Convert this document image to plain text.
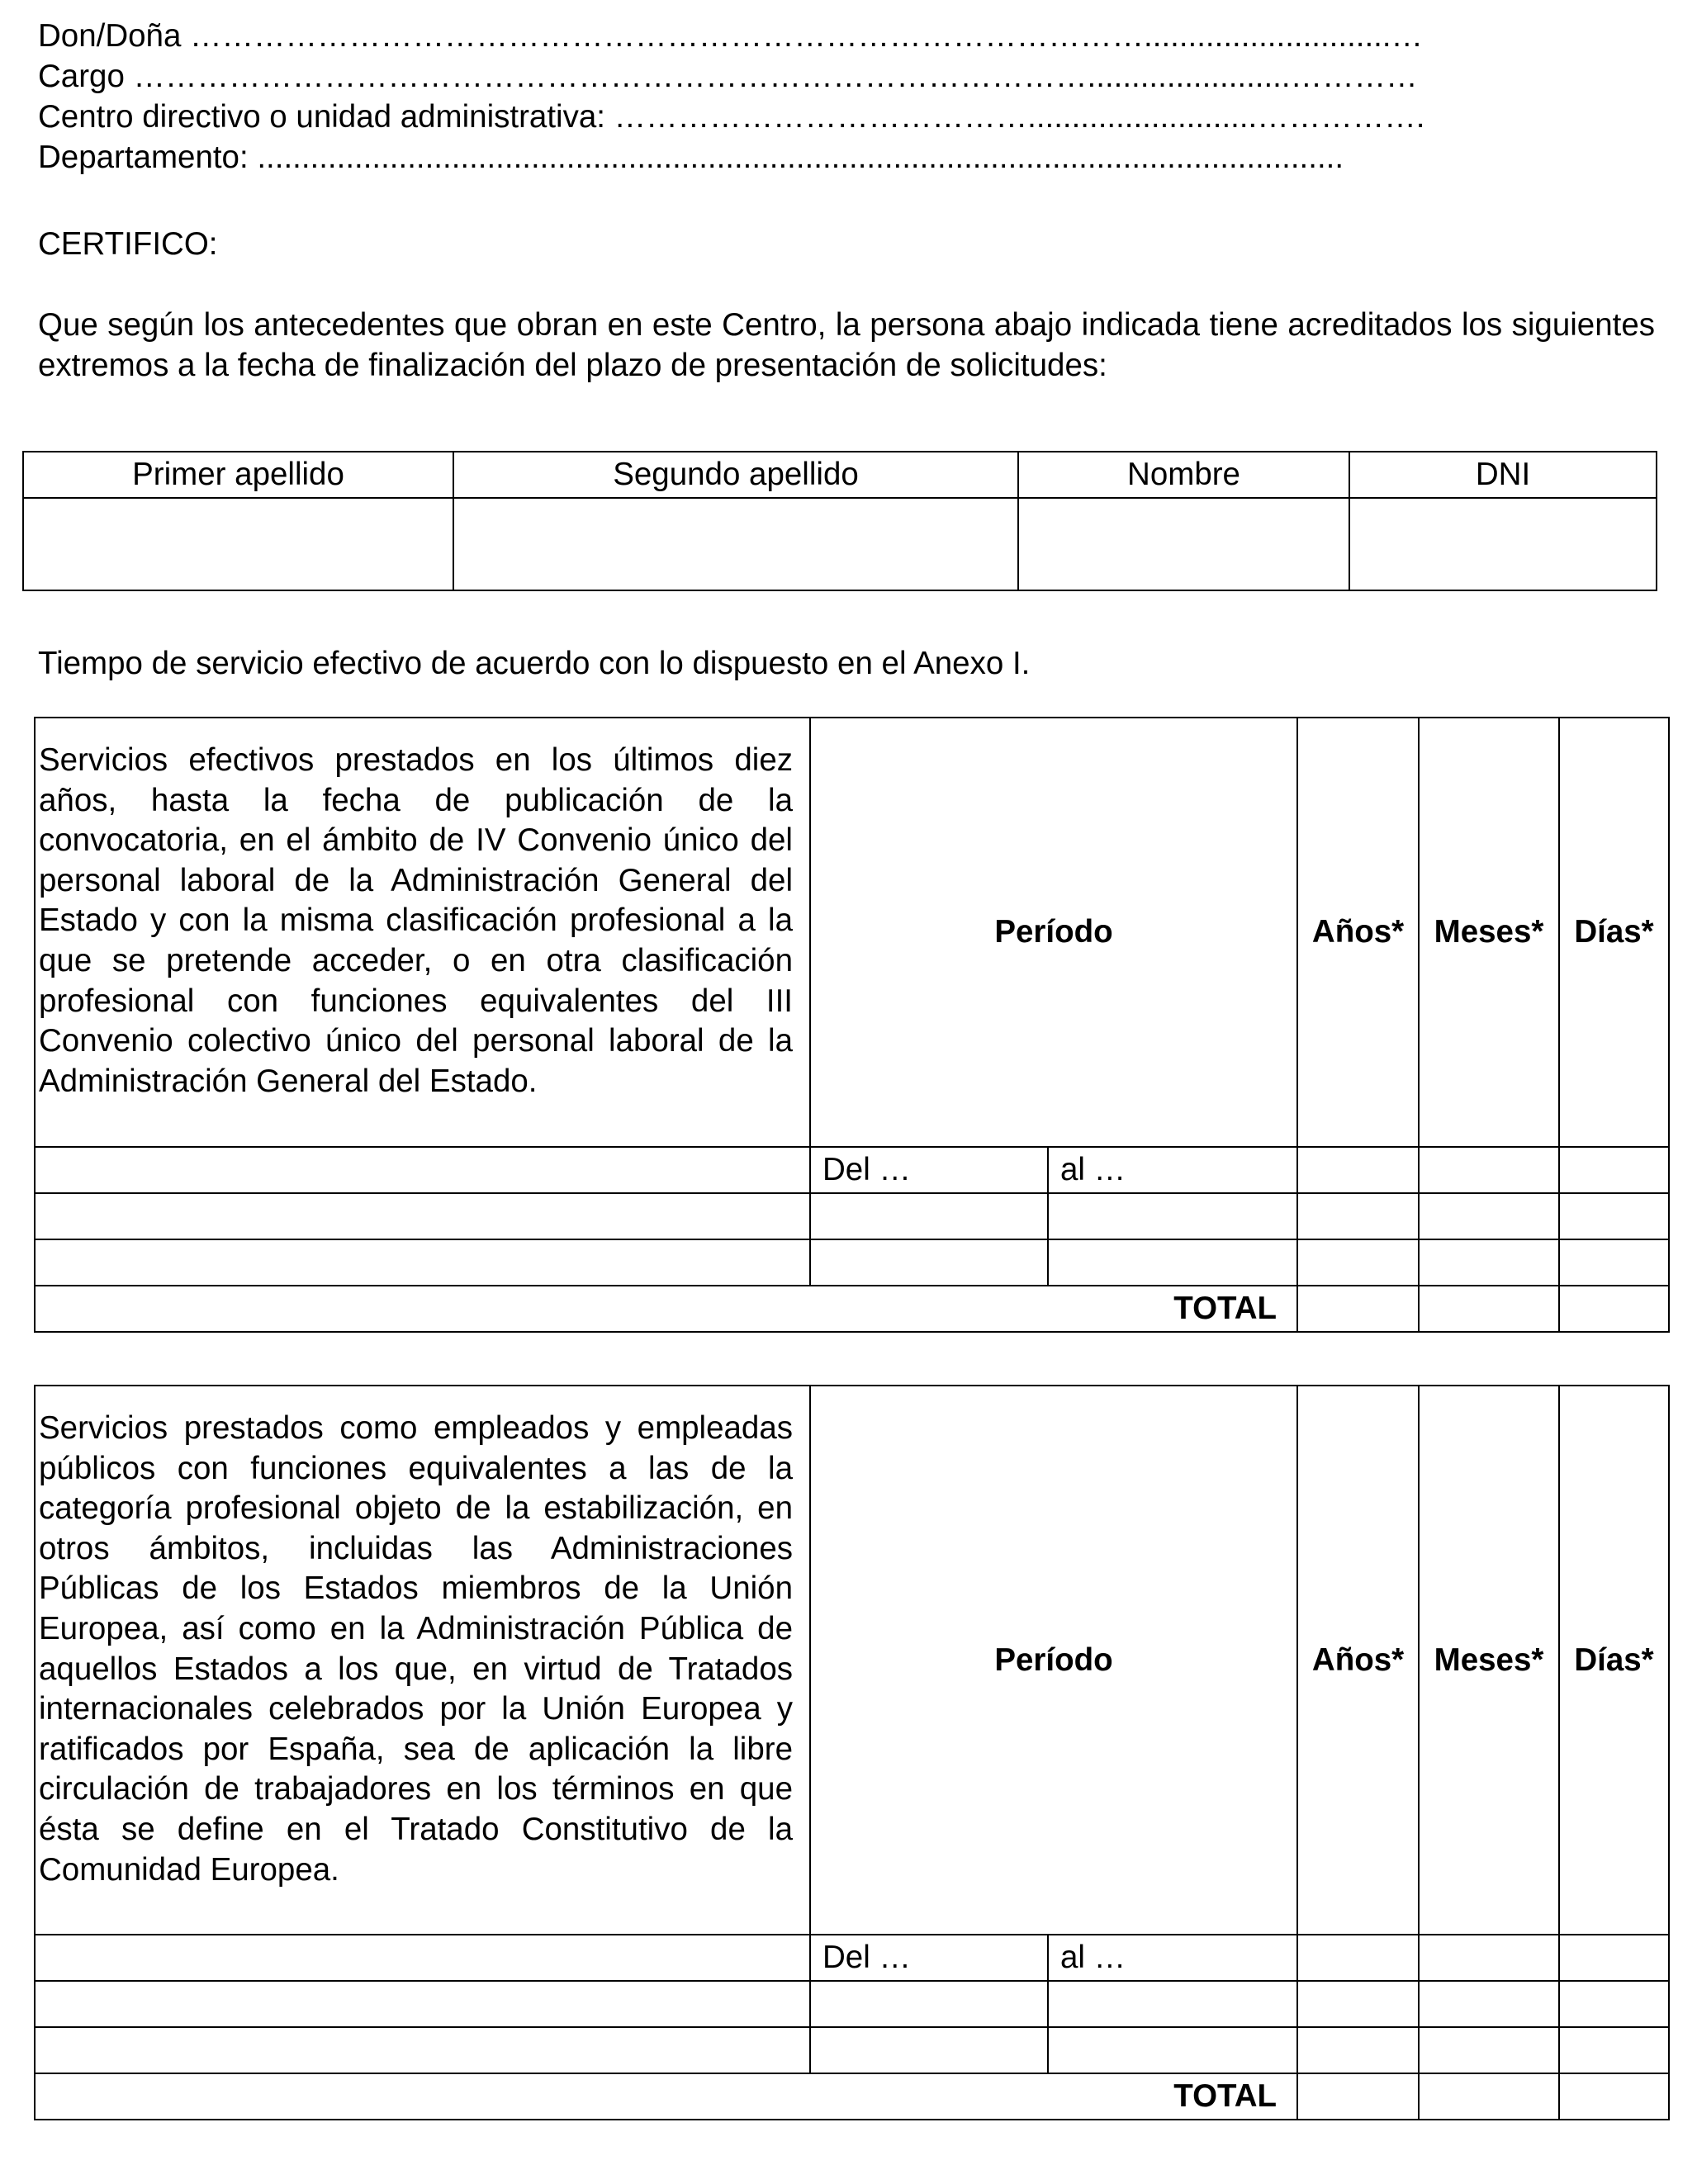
Don/Doña ………………………………………………………………………………............................…
Cargo ……………………………………………………………………………….......................…………
Centro directivo o unidad administrativa: …………………………………..........................…………….
Departamento: ...........................................................................................................................
CERTIFICO:
Que según los antecedentes que obran en este Centro, la persona abajo indicada tiene acreditados los siguientes extremos a la fecha de finalización del plazo de presentación de solicitudes:
Primer apellido	Segundo apellido	Nombre	DNI

Tiempo de servicio efectivo de acuerdo con lo dispuesto en el Anexo I.
Servicios efectivos prestados en los últimos diez años, hasta la fecha de publicación de la convocatoria, en el ámbito de IV Convenio único del personal laboral de la Administración General del Estado y con la misma clasificación profesional a la que se pretende acceder, o en otra clasificación profesional con funciones equivalentes del III Convenio colectivo único del personal laboral de la Administración General del Estado.	Período		Años*	Meses*	Días*
	Del …	al …			

TOTAL					
Servicios prestados como empleados y empleadas públicos con funciones equivalentes a las de la categoría profesional objeto de la estabilización, en otros ámbitos, incluidas las Administraciones Públicas de los Estados miembros de la Unión Europea, así como en la Administración Pública de aquellos Estados a los que, en virtud de Tratados internacionales celebrados por la Unión Europea y ratificados por España, sea de aplicación la libre circulación de trabajadores en los términos en que ésta se define en el Tratado Constitutivo de la Comunidad Europea.	Período		Años*	Meses*	Días*
	Del …	al …			

TOTAL					
